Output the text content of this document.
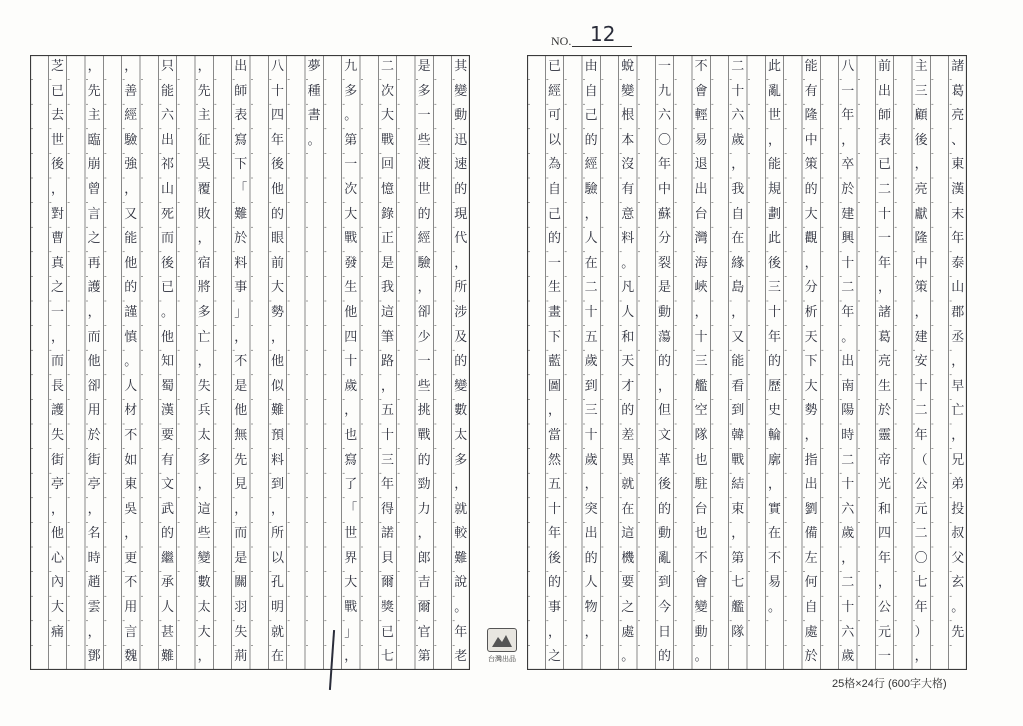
NO. 12
其
變
動
迅
速
的
現
代
，
所
涉
及
的
變
數
太
多
，
就
較
難
說
。
年
老
是
多
一
些
渡
世
的
經
驗
，
卻
少
一
些
挑
戰
的
勁
力
，
郎
吉
爾
官
第
二
次
大
戰
回
憶
錄
正
是
我
這
筆
路
，
五
十
三
年
得
諾
貝
爾
獎
已
七
九
多
。
第
一
次
大
戰
發
生
他
四
十
歲
，
也
寫
了
「
世
界
大
戰
」
，
夢
種
書
。
八
十
四
年
後
他
的
眼
前
大
勢
，
他
似
難
預
料
到
，
所
以
孔
明
就
在
出
師
表
寫
下
「
難
於
料
事
」
，
不
是
他
無
先
見
，
而
是
關
羽
失
荊
，
先
主
征
吳
覆
敗
，
宿
將
多
亡
，
失
兵
太
多
，
這
些
變
數
太
大
，
只
能
六
出
祁
山
死
而
後
已
。
他
知
蜀
漢
要
有
文
武
的
繼
承
人
甚
難
，
善
經
驗
強
，
又
能
他
的
謹
慎
。
人
材
不
如
東
吳
，
更
不
用
言
魏
，
先
主
臨
崩
曾
言
之
再
護
，
而
他
卻
用
於
街
亭
，
名
時
趙
雲
，
鄧
芝
已
去
世
後
，
對
曹
真
之
一
，
而
長
護
失
街
亭
，
他
心
內
大
痛
諸
葛
亮
、
東
漢
末
年
泰
山
郡
丞
，
早
亡
，
兄
弟
投
叔
父
玄
。
先
主
三
顧
後
，
亮
獻
隆
中
策
，
建
安
十
二
年
（
公
元
二
〇
七
年
）
，
前
出
師
表
已
二
十
一
年
，
諸
葛
亮
生
於
靈
帝
光
和
四
年
，
公
元
一
八
一
年
，
卒
於
建
興
十
二
年
。
出
南
陽
時
二
十
六
歲
，
二
十
六
歲
能
有
隆
中
策
的
大
觀
，
分
析
天
下
大
勢
，
指
出
劉
備
左
何
自
處
於
此
亂
世
，
能
規
劃
此
後
三
十
年
的
歷
史
輪
廓
，
實
在
不
易
。
二
十
六
歲
，
我
自
在
緣
島
，
又
能
看
到
韓
戰
結
束
，
第
七
艦
隊
不
會
輕
易
退
出
台
灣
海
峽
，
十
三
艦
空
隊
也
駐
台
也
不
會
變
動
。
一
九
六
〇
年
中
蘇
分
裂
是
動
蕩
的
，
但
文
革
後
的
動
亂
到
今
日
的
蛻
變
根
本
沒
有
意
料
。
凡
人
和
天
才
的
差
異
就
在
這
機
要
之
處
。
由
自
己
的
經
驗
，
人
在
二
十
五
歲
到
三
十
歲
，
突
出
的
人
物
，
已
經
可
以
為
自
己
的
一
生
畫
下
藍
圖
，
當
然
五
十
年
後
的
事
，
之
台灣出品
25格×24行 (600字大格)
